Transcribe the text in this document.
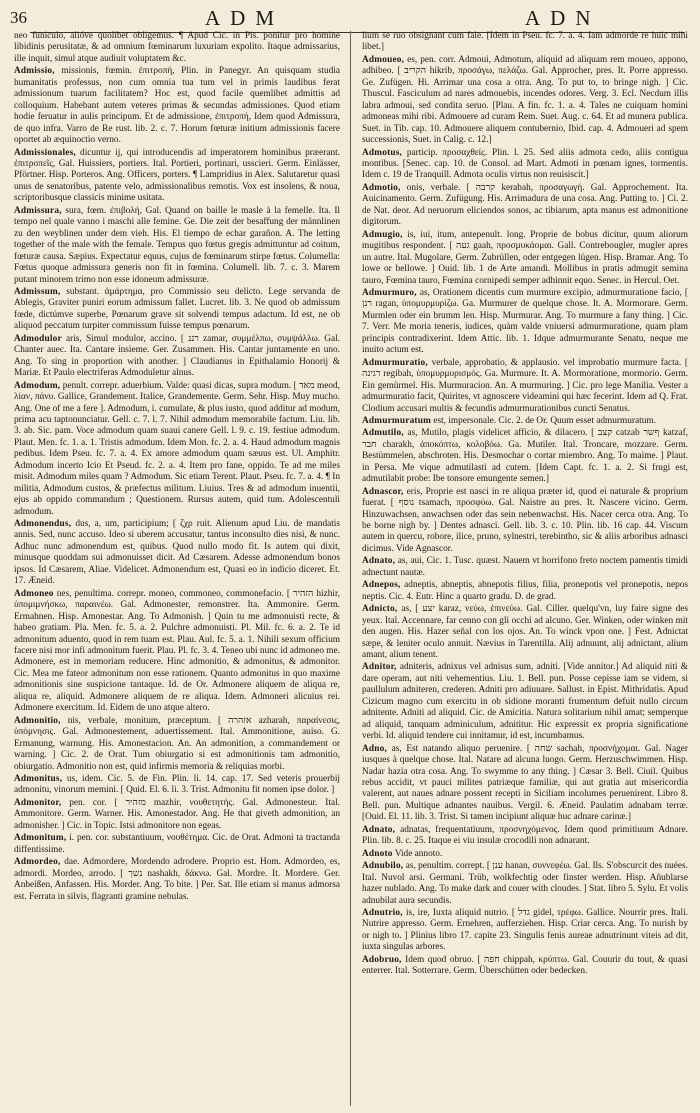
36	ADM	ADN

neo funiculo, alióve quolibet obligemus. ¶ Apud Cic. in Pis. ponitur pro homine libidinis perusitatæ, & ad omnium fœminarum luxuriam expolito. Itaque admissarius, ille inquit, simul atque audiuit voluptatem &c.

Admissio, missionis, fœmin. ἐπιτροπή, Plin. in Panegyr. An quisquam studia humanitatis professus, non cum omnia tua tum vel in primis laudibus ferat admissionum tuarum facilitatem? Hoc est, quod facile quemlibet admittis ad colloquium. Habebant autem veteres primas & secundas admissiones. Quod etiam hodie feruatur in aulis principum. Et de admissione, ἐπιτροπή, Idem quod Admissura, de quo infra. Varro de Re rust. lib. 2. c. 7. Horum fœturæ initium admissionis facere oportet ab æquinoctio verno.

Admissionales, dicuntur ij, qui introducendis ad imperatorem hominibus præerant. ἐπιτροπεῖς, Gal. Huissiers, portiers. Ital. Portieri, portinari, usscieri. Germ. Einlässer, Pförtner. Hisp. Porteros. Ang. Officers, porters. ¶ Lampridius in Alex. Salutaretur quasi unus de senatoribus, patente velo, admissionalibus remotis. Vox est insolens, & noua, scriptoribusque classicis minime usitata.

Admissura, sura, fœm. ἐπιβολή, Gal. Quand on baille le masle à la femelle. Ita. Il tempo nel quale vanno i maschi alle femine. Ge. Die zeit der besaffung der männlinen zu den weyblinen under dem vieh. His. El tiempo de echar garañon. A. The letting together of the male with the female. Tempus quo fœtus gregis admittuntur ad coitum, fœturæ causa. Sæpius. Expectatur equus, cujus de fœminarum stirpe fœtus. Columella: Fœtus quoque admissura generis non fit in fœmina. Columell. lib. 7. c. 3. Marem putant minorem trimo non esse idoneum admissuræ.

Admissum, substant. ἁμάρτημα, pro Commissio seu delicto. Lege servanda de Ablegis, Graviter puniri eorum admissum fallet. Lucret. lib. 3. Ne quod ob admissum fœde, dictúmve superbe, Pœnarum grave sit solvendi tempus adactum. Id est, ne ob aliquod peccatum turpiter commissum fuisse tempus pœnarum.

Admodulor aris, Simul modulor, accino. [ רננ zamar, συμμέλπω, συμψάλλω. Gal. Chanter auec. Ita. Cantare insieme. Ger. Zusammen. His. Cantar juntamente en uno. Ang. To sing in proportion with another. ] Claudianus in Epithalamio Honorij & Mariæ. Et Paulo electriferas Admoduletur alnus.

Admodum, penult. correpr. aduerbium. Valde: quasi dicas, supra modum. [ מאד meod, λίαν, πάνυ. Gallice, Grandement. Italice, Grandemente. Germ. Sehr. Hisp. Muy mucho. Ang. One of me a fere ]. Admodum, i. cumulate, & plus iusto, quod additur ad modum, prima acu taptonunciatur. Gell. c. 7. l. 7. Nihil admodum memorabile factum. Liu. lib. 3. ab. Sic. pam. Voce admodum quam suaui canere Gell. l. 9. c. 19. festiue admodum. Plaut. Men. fc. 1. a. 1. Tristis admodum. Idem Mon. fc. 2. a. 4. Haud admodum magnis pedibus. Idem Pseu. fc. 7. a. 4. Ex amore admodum quam sæuus est. Ul. Amphitr. Admodum incerto Icio Et Pseud. fc. 2. a. 4. Item pro fane, oppido. Te ad me miles misit. Admodum miles quam ? Admodum. Sic etiam Terent. Plaut. Pseu. fc. 7. a. 4. ¶ In militia, Admodum custos, & præfectus militum. Liuius. Tres & ad admodum inuentii, ejus ab oppido commandum ; Questionem. Rursus autem, quid tum. Adolescentuli admodum.

Admonendus, dus, a, um, participium; [ ζχρ ruit. Alienum apud Liu. de mandatis annis. Sed, nunc accuso. Ideo si uberem accusatur, tantus inconsulto dies nisi, & nunc. Adhuc nunc admonendum est, quibus. Quod nullo modo fit. Is autem qui dixit, minusque quoddam sui admonuisset dicit. Ad Cæsarem. Adesse admonendum bonos ipsos. Id Cæsarem, Aliae. Videlicet. Admonendum est, Quasi eo in indicio diceret. Et. 17. Æneid.

Admoneo nes, penultima. correpr. moneo, commoneo, commonefacio. [ הזהיר hizhir, ὑπομιμνήσκω, παραινέω. Gal. Admonester, remonstrer. Ita. Ammonire. Germ. Ermahnen. Hisp. Amonestar. Ang. To Admonish. ] Quin tu me admonuisti recte, & habeo gratiam. Pla. Men. fc. 5. a. 2. Pulchre admonuisti. Pl. Mil. fc. 6. a. 2. Te id admonitum aduento, quod in rem tuam est. Plau. Aul. fc. 5. a. 1. Nihili sexum officium facere nisi mor infi admonitum fuerit. Plau. Pl. fc. 3. 4. Teneo ubi nunc id admoneo me. Admonere, est in memoriam reducere. Hinc admonitio, & admonitus, & admonitor. Cic. Mea me fateor admonitum non esse rationem. Quanto admonitus in quo maxime admonitionis sine suspicione tantaque. Id. de Or. Admonere aliquem de aliqua re, aliqua re, aliquid. Admonere aliquem de re aliqua. Idem. Admoneri alicuius rei. Admonere exercitum. Id. Eidem de uno atque altero.

Admonitio, nis, verbale, monitum, præceptum. [ אזהרה azharah, παραίνεσις, ὑπόμνησις. Gal. Admonestement, aduertissement. Ital. Ammonitione, auiso. G. Ermanung, warnung. His. Amonestacion. An. An admonition, a commandement or warning. ] Cic. 2. de Orat. Tum obiurgatio si est admonitionis tam admonitio, obiurgatio. Admonitio non est, quid infirmis memoria & reliquias morbi.

Admonitus, us, idem. Cic. 5. de Fin. Plin. li. 14. cap. 17. Sed veteris prouerbij admonitu, vinorum memini. [ Quid. El. 6. li. 3. Trist. Admonitu fit nomen ipse dolor. ]

Admonitor, pen. cor. [ מזהיר mazhir, νουθετητής. Gal. Admonesteur. Ital. Ammonitore. Germ. Warner. His. Amonestador. Ang. He that giveth admonition, an admonisher. ] Cic. in Topic. Istsi admonitore non egeas.

Admonitum, i. pen. cor. substantiuum, νουθέτημα. Cic. de Orat. Admoni ta tractanda diffentissime.

Admordeo, dae. Admordere, Mordendo adrodere. Proprio est. Hom. Admordeo, es, admordi. Mordeo, arrodo. [ נשך nashakh, δάκνω. Gal. Mordre. It. Mordere. Ger. Anbeißen, Anfassen. His. Morder. Ang. To bite. ] Per. Sat. Ille etiam si manus admorsa est. Ferrata in silvis, flagranti gramine nebulas.

lium se ruo obsignant cum fale. [Idem in Pseu. fc. 7. a. 4. Iam admorde re huic mihi libet.]

Admoueo, es, pen. corr. Admoui, Admotum, aliquid ad aliquam rem moueo, appono, adhibeo. [ הקריב hikrib, προσάγω, πελάζω. Gal. Approcher, pres. It. Porre appresso. Ge. Zufügen. Hi. Arrimar una cosa a otra. Ang. To put to, to bringe nigh. ] Cic. Thuscul. Fasciculum ad nares admouebis, incendes odores. Verg. 3. Ecl. Necdum illis labra admoui, sed condita seruo. [Plau. A fin. fc. 1. a. 4. Tales ne cuiquam homini admoneas mihi ribi. Admouere ad curam Rem. Suet. Aug. c. 64. Et ad munera publica. Suet. in Tib. cap. 10. Admouere aliquem contubernio, Ibid. cap. 4. Admoueri ad spem successionis, Suet. in Calig. c. 12.]

Admotus, particip. προσαχθείς. Plin. l. 25. Sed aliis admota cedo, aliis contigua montibus. [Senec. cap. 10. de Consol. ad Mart. Admoti in pœnam ignes, tormentis. Idem c. 19 de Tranquill. Admota oculis virtus non reuisiscit.]

Admotio, onis, verbale. [ קרבה kerabah, προσαγωγή. Gal. Approchement. Ita. Auicinamento. Germ. Zufügung. His. Arrimadura de una cosa. Ang. Putting to. ] Ci. 2. de Nat. deor. Ad neruorum eliciendos sonos, ac tibiarum, apta manus est admonitione digitorum.

Admugio, is, iui, itum, antepenult. long. Proprie de bobus dicitur, quum aliorum mugitibus respondent. [ געה gaah, προσμυκάομαι. Gall. Contrebougler, mugler apres un autre. Ital. Mugolare, Germ. Zubrüllen, oder entgegen lügen. Hisp. Bramar. Ang. To lowe or bellowe. ] Ouid. lib. 1 de Arte amandi. Mollibus in pratis admugit semina tauro, Fœmina tauro, Fœmina cornipedi semper adhinnit equo. Senec. in Hercul. Oet.

Admurmuro, as, Orationem dicentis cum murmure excipio, admurmuratione facio, [ רנן ragan, ὑπομυρμυρίζω. Ga. Murmurer de quelque chose. It. A. Mormorare. Germ. Murmlen oder ein brumm len. Hisp. Murmurar. Ang. To murmure a fany thing. ] Cic. 7. Verr. Me moria teneris, iudices, quàm valde vniuersi admurmuratione, quam plam principis contradixerint. Idem Attic. lib. 1. Idque admurmurante Senatu, neque me inuito actum est.

Admurmuratio, verbale, approbatio, & applausio. vel improbatio murmure facta. [ רגינה regibah, ὑπομυρμυρισμός. Ga. Murmure. It. A. Mormoratione, mormorio. Germ. Ein gemürmel. His. Murmuracion. An. A murmuring. ] Cic. pro lege Manilia. Vester a admurmuratio facit, Quirites, vt agnoscere videamini qui hæc fecerint. Idem ad Q. Frat. Clodium accusari multis & fecundis admurmurationibus cuncti Senatus.

Admurmuratum est, impersonale. Cic. 2. de Or. Quum esset admurmuratum.

Admutilo, as, Mutilo, plagis videlicet afficio, & dilacero. [ קצב catzab ףשר katzaf, חבר charakh, ἀποκόπτω, κολοβόω. Ga. Mutiler. Ital. Troncare, mozzare. Germ. Bestümmelen, abschroten. His. Desmochar o cortar miembro. Ang. To maime. ] Plaut. in Persa. Me vique admutilasti ad cutem. [Idem Capt. fc. 1. a. 2. Si frugi est, admutilabit probe: Ibe tonsore emungente semen.]

Adnascor, eris, Proprie est nasci in re aliqua præter id, quod ei naturale & proprium fuerat. [ נוסף tsamach, προσφύω. Gal. Naistre au pres. It. Nascere vicino. Germ. Hinzuwachsen, anwachsen oder das sein nebenwachst. His. Nacer cerca otra. Ang. To be borne nigh by. ] Dentes adnasci. Gell. lib. 3. c. 10. Plin. lib. 16 cap. 44. Viscum autem in quercu, robore, ilice, pruno, sylnestri, terebintho, sic & aliis arboribus adnasci dicimus. Vide Agnascor.

Adnato, as, aui, Cic. 1. Tusc. quæst. Nauem vt horrifono freto noctem pamentis timidi adnectunt nautæ.

Adnepos, adneptis, abneptis, abnepotis filius, filia, pronepotis vel pronepotis, nepos neptis. Cic. 4. Eutr. Hinc a quarto gradu. D. de grad.

Adnicto, as, [ יצע karaz, νεύω, ἐπινεύω. Gal. Ciller. quelqu'vn, luy faire signe des yeux. Ital. Accennare, far cenno con gli occhi ad alcuno. Ger. Winken, oder winken mit den augen. His. Hazer señal con los ojos. An. To winck vpon one. ] Fest. Adnictat sæpe, & leniter oculo annuit. Nævius in Tarentilla. Alij adnuunt, alij adnictant, alium amant, alium tenent.

Adnitor, adniteris, adnixus vel adnisus sum, adniti. [Vide annitor.] Ad aliquid niti & dare operam, aut niti vehementius. Liu. 1. Bell. pun. Posse cepisse iam se videm, si paullulum adniteren, crederen. Adniti pro adiuuare. Sallust. in Epist. Mithridatis. Apud Cizicum magno cum exercitu in ob sidione moranti frumentum defuit nullo circum adnitente. Adniti ad aliquid. Cic. de Amicitia. Natura solitarium nihil amat; semperque ad aliquid, tanquam adminiculum, adnititur. Hic expressit ex propria significatione verbi. Id. aliquid tendere cui innitamur, id est, incumbamus.

Adno, as, Est natando aliquo peruenire. [ שחה sachah, προσνήχομαι. Gal. Nager iusques à quelque chose. Ital. Natare ad alcuna luogo. Germ. Herzuschwimmen. Hisp. Nadar hazia otra cosa. Ang. To swymme to any thing. ] Cæsar 3. Bell. Ciuil. Quibus rebus accidit, vt pauci milites patriæque familiæ, qui aut gratia aut misericordia valerent, aut naues adnare possent recepti in Siciliam incolumes peruenirent. Libro 8. Bell. pun. Multique adnantes nauibus. Vergil. 6. Æneid. Paulatim adnabam terræ. [Ouid. El. 11. lib. 3. Trist. Si tamen incipiunt aliquæ huc adnare carinæ.]

Adnato, adnatas, frequentatiuum, προσνηχόμενος. Idem quod primitiuum Adnare. Plin. lib. 8. c. 25. Itaque ei viu insulæ crocodili non adnarant.

Adnoto Vide annoto.

Adnubilo, as, penultim. corrept. [ ענן hanan, συννεφέω. Gal. Ils. S'obscurcit des nuées. Ital. Nuvol arsi. Germani. Trüb, wolkfechtig oder finster werden. Hisp. Añublarse hazer nublado. Ang. To make dark and couer with cloudes. ] Stat. libro 5. Sylu. Et volis adnubilat aura secundis.

Adnutrio, is, ire, Iuxta aliquid nutrio. [ גדל gidel, τρέφω. Gallice. Nourrir pres. Itali. Nutrire appresso. Germ. Ernehren, aufferziehen. Hisp. Criar cerca. Ang. To nurish by or nigh to. ] Plinius libro 17. capite 23. Singulis fenis aureae adnutrinunt viteis ad dit, iuxta singulas arbores.

Adobruo, Idem quod obruo. [ חפה chippah, κρύπτω. Gal. Couurir du tout, & quasi enterrer. Ital. Sotterrare. Germ. Überschütten oder bedecken.
